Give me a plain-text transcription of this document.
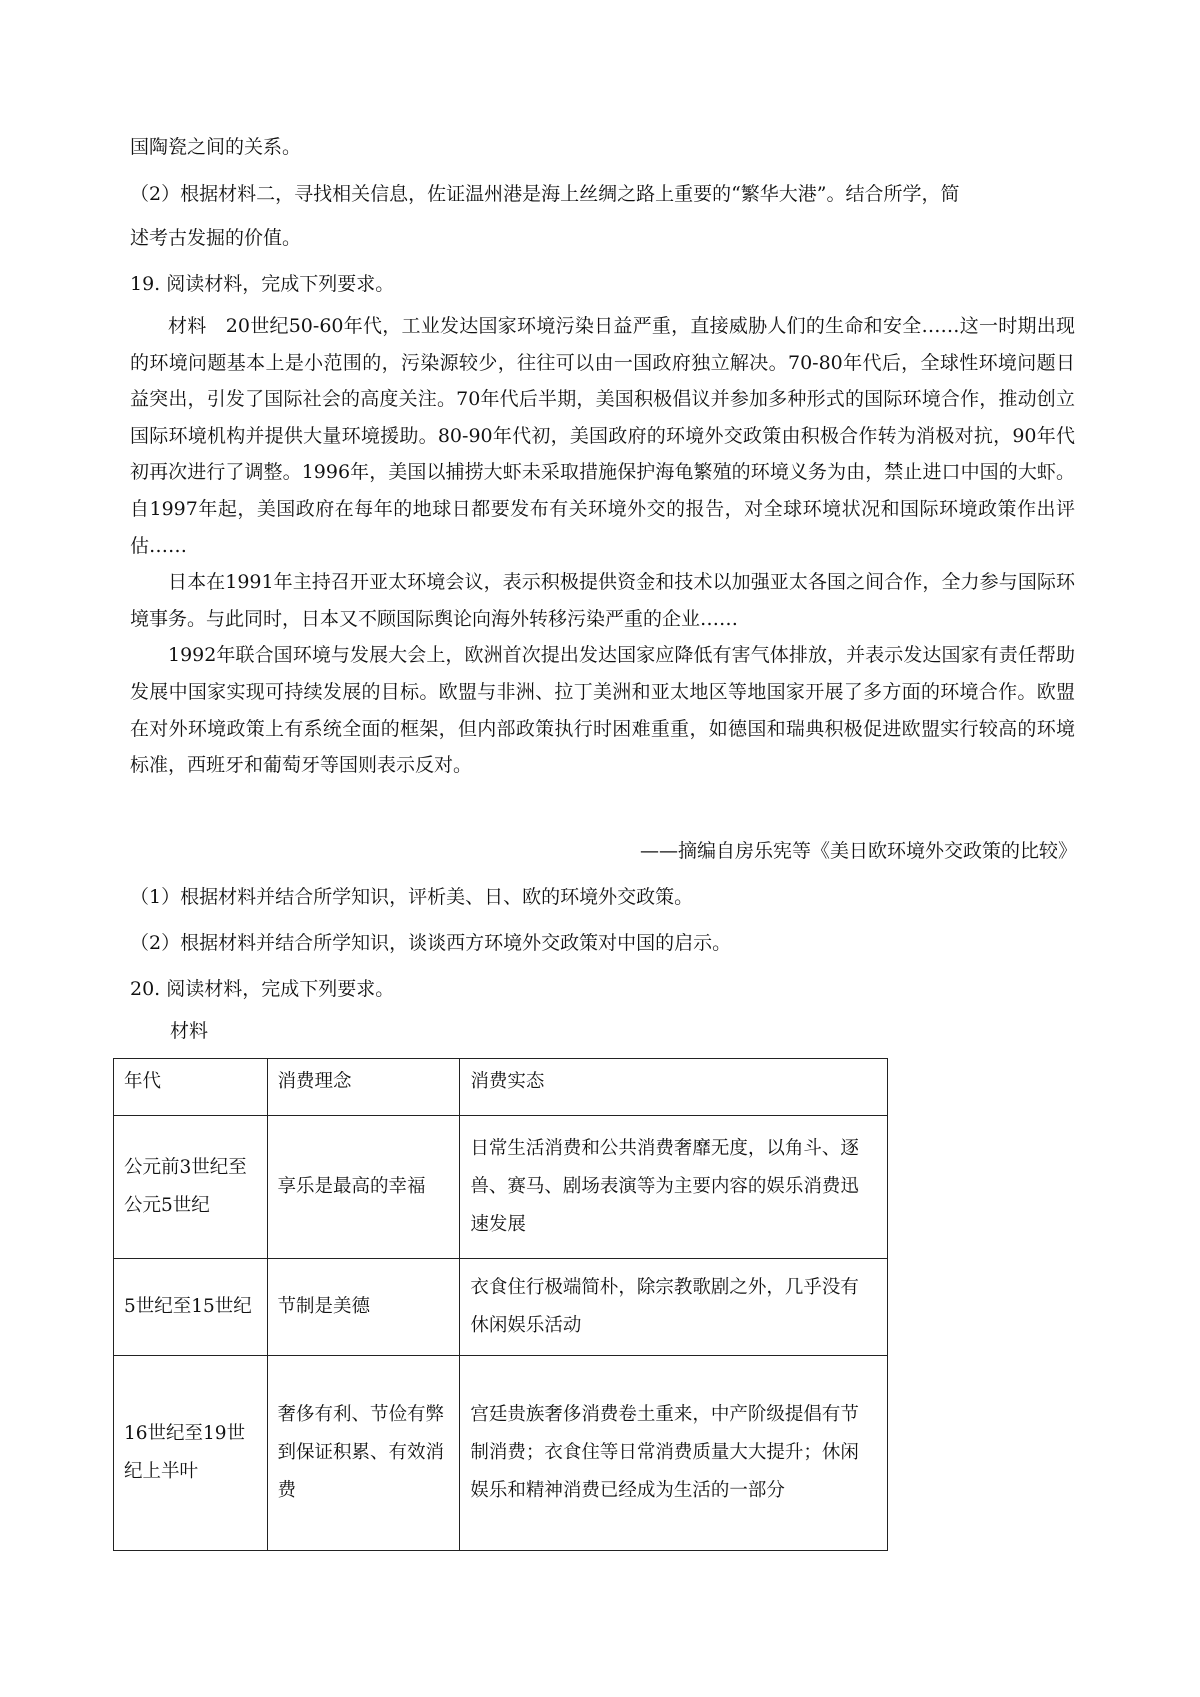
国陶瓷之间的关系。
（2）根据材料二，寻找相关信息，佐证温州港是海上丝绸之路上重要的“繁华大港”。结合所学，简
述考古发掘的价值。
19. 阅读材料，完成下列要求。

材料　20世纪50-60年代，工业发达国家环境污染日益严重，直接威胁人们的生命和安全……这一时期出现的环境问题基本上是小范围的，污染源较少，往往可以由一国政府独立解决。70-80年代后，全球性环境问题日益突出，引发了国际社会的高度关注。70年代后半期，美国积极倡议并参加多种形式的国际环境合作，推动创立国际环境机构并提供大量环境援助。80-90年代初，美国政府的环境外交政策由积极合作转为消极对抗，90年代初再次进行了调整。1996年，美国以捕捞大虾未采取措施保护海龟繁殖的环境义务为由，禁止进口中国的大虾。自1997年起，美国政府在每年的地球日都要发布有关环境外交的报告，对全球环境状况和国际环境政策作出评估……

日本在1991年主持召开亚太环境会议，表示积极提供资金和技术以加强亚太各国之间合作，全力参与国际环境事务。与此同时，日本又不顾国际舆论向海外转移污染严重的企业……

1992年联合国环境与发展大会上，欧洲首次提出发达国家应降低有害气体排放，并表示发达国家有责任帮助发展中国家实现可持续发展的目标。欧盟与非洲、拉丁美洲和亚太地区等地国家开展了多方面的环境合作。欧盟在对外环境政策上有系统全面的框架，但内部政策执行时困难重重，如德国和瑞典积极促进欧盟实行较高的环境标准，西班牙和葡萄牙等国则表示反对。

——摘编自房乐宪等《美日欧环境外交政策的比较》
（1）根据材料并结合所学知识，评析美、日、欧的环境外交政策。
（2）根据材料并结合所学知识，谈谈西方环境外交政策对中国的启示。
20. 阅读材料，完成下列要求。
材料
年代	消费理念	消费实态

公元前3世纪至公元5世纪	享乐是最高的幸福	日常生活消费和公共消费奢靡无度，以角斗、逐兽、赛马、剧场表演等为主要内容的娱乐消费迅速发展

5世纪至15世纪	节制是美德	衣食住行极端简朴，除宗教歌剧之外，几乎没有休闲娱乐活动

16世纪至19世纪上半叶	奢侈有利、节俭有弊到保证积累、有效消费	宫廷贵族奢侈消费卷土重来，中产阶级提倡有节制消费；衣食住等日常消费质量大大提升；休闲娱乐和精神消费已经成为生活的一部分
